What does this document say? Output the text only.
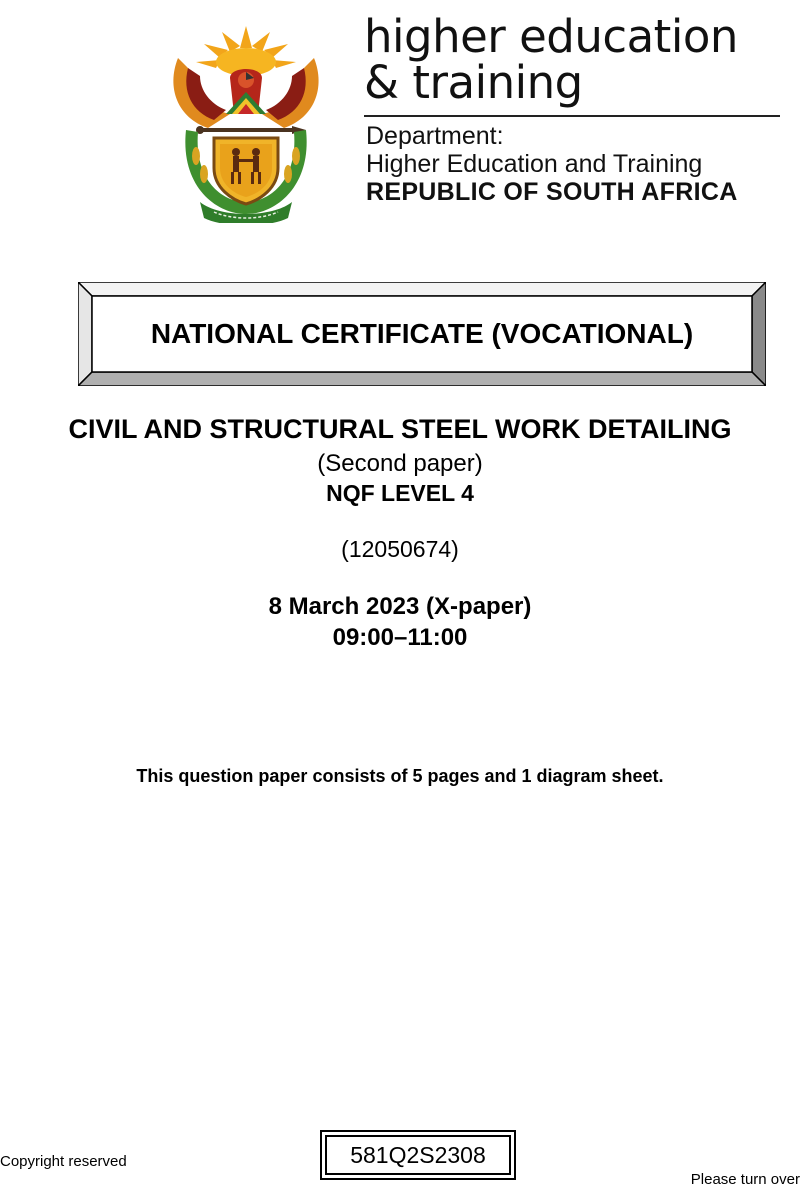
higher education
& training
Department:
Higher Education and Training
REPUBLIC OF SOUTH AFRICA
NATIONAL CERTIFICATE (VOCATIONAL)
CIVIL AND STRUCTURAL STEEL WORK DETAILING
(Second paper)
NQF LEVEL 4
(12050674)
8 March 2023 (X-paper)
09:00–11:00
This question paper consists of 5 pages and 1 diagram sheet.
Copyright reserved	581Q2S2308
Please turn over
